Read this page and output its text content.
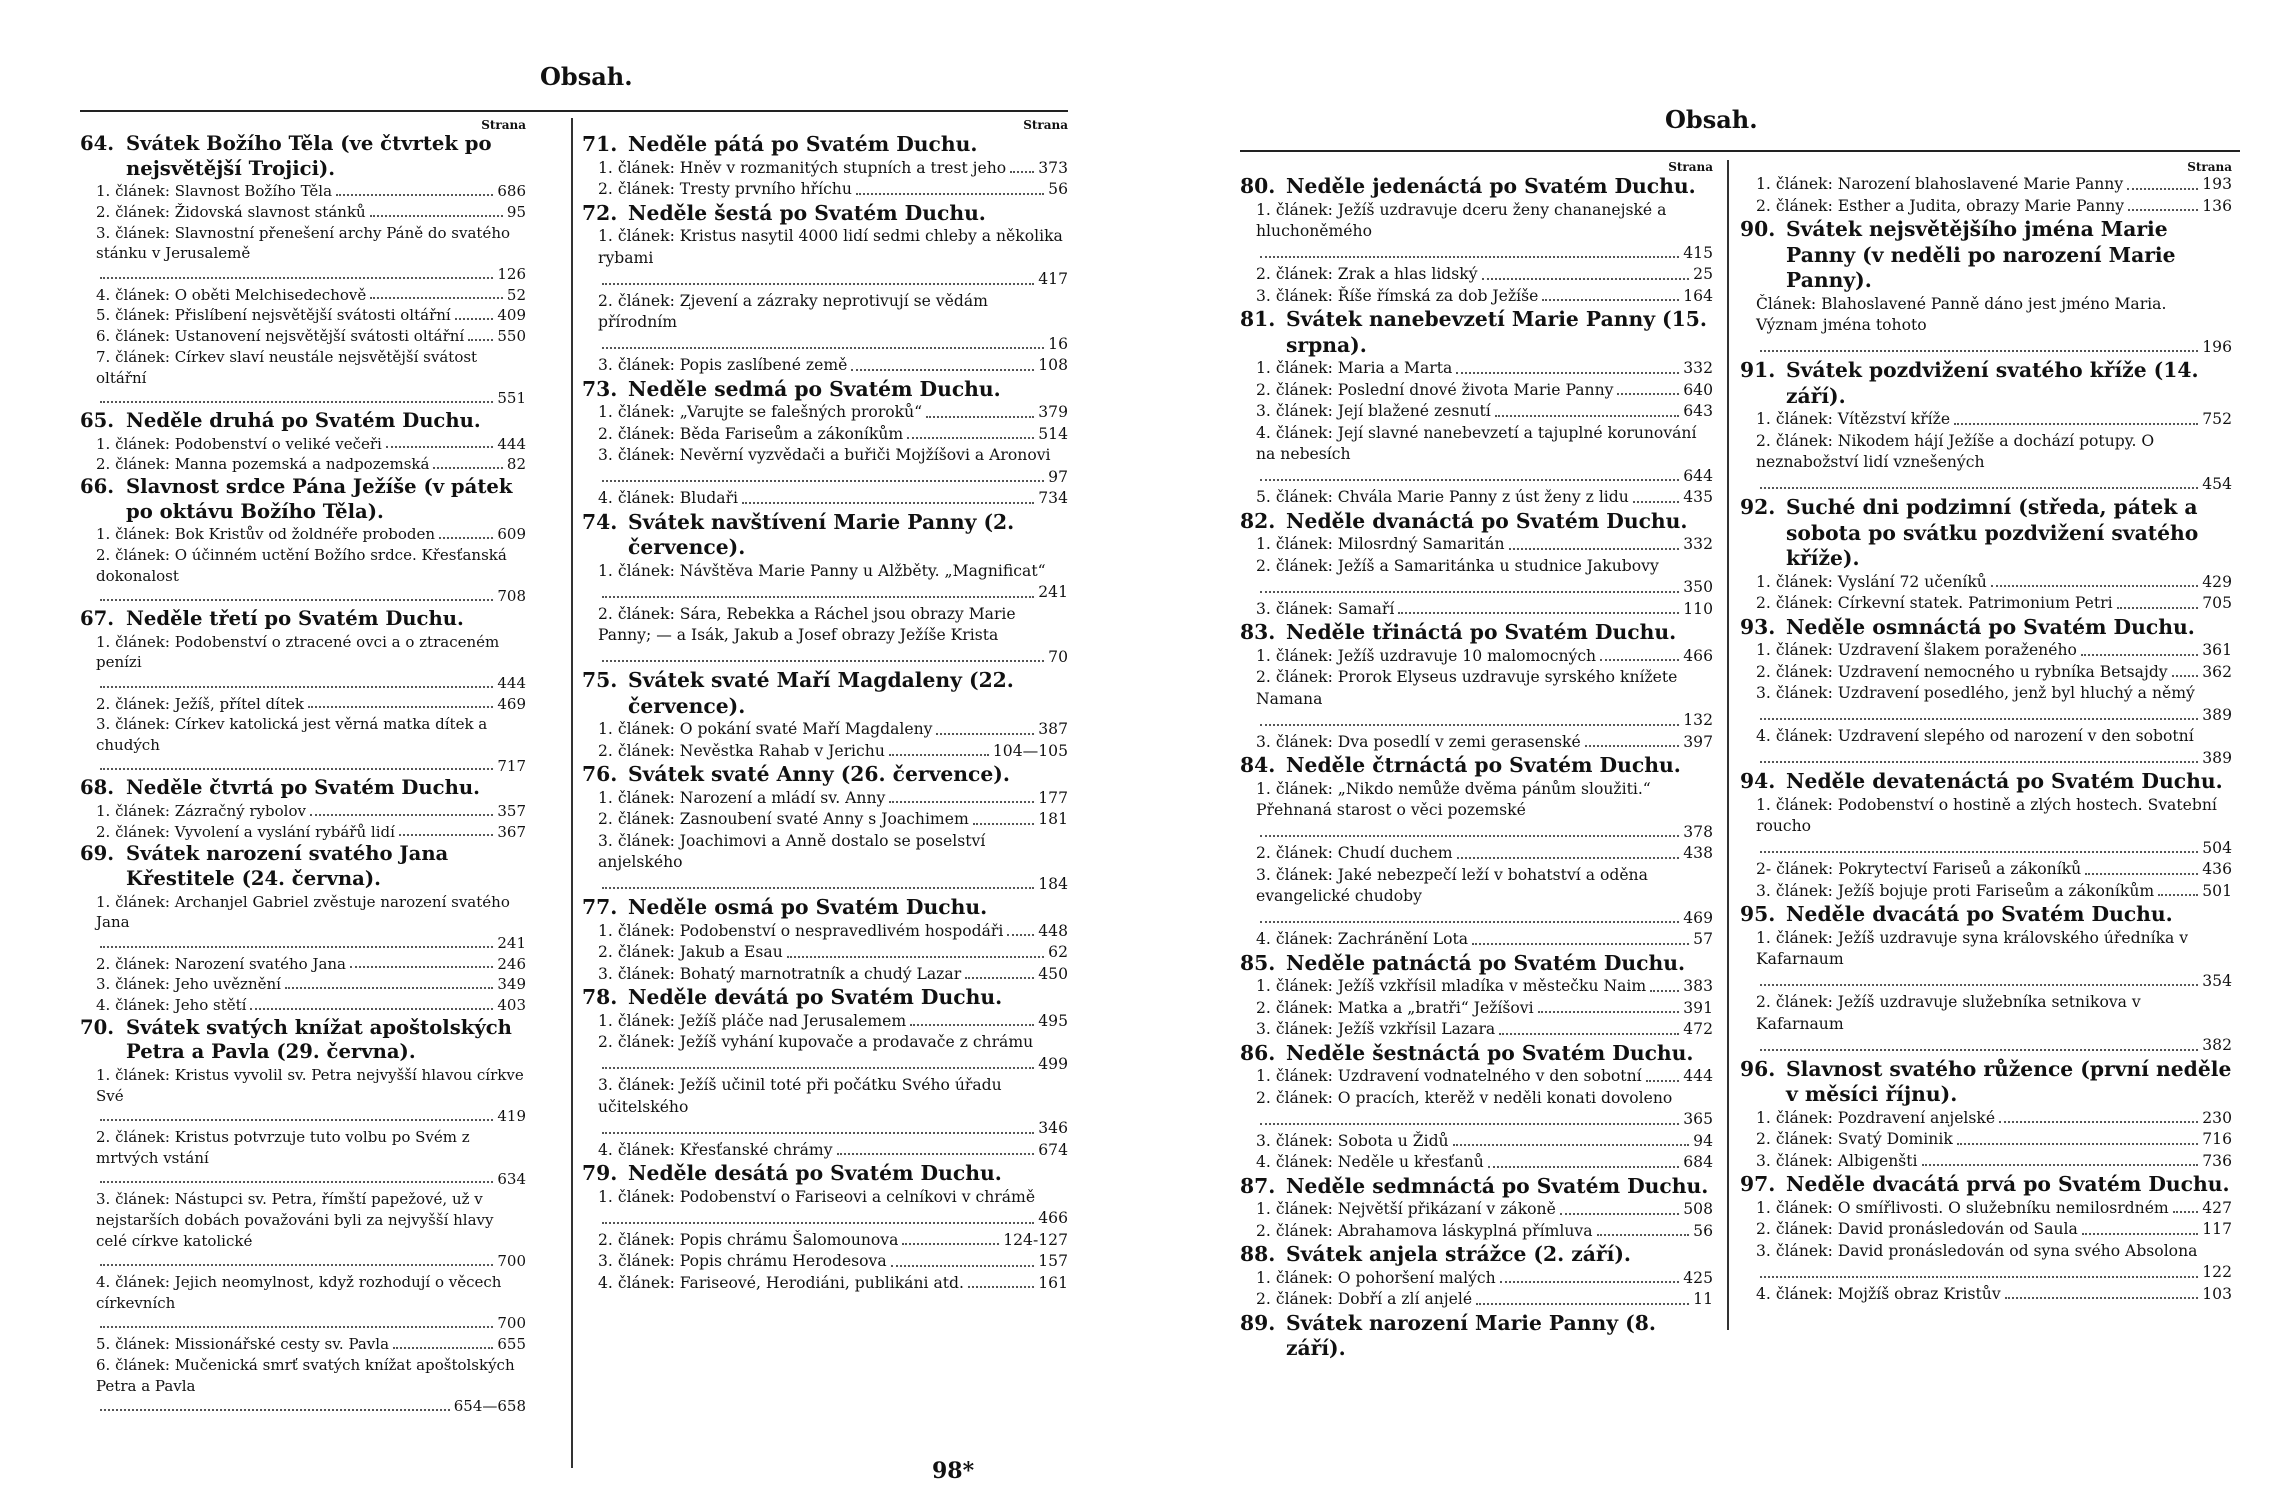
Obsah.
Strana
64. Svátek Božího Těla (ve čtvrtek po nejsvětější Trojici).
1. článek: Slavnost Božího Těla	686
2. článek: Židovská slavnost stánků	95
3. článek: Slavnostní přenešení archy Páně do svatého stánku v Jerusalemě
126
4. článek: O oběti Melchisedechově	52
5. článek: Přislíbení nejsvětější svátosti oltářní	409
6. článek: Ustanovení nejsvětější svátosti oltářní 550
7. článek: Církev slaví neustále nejsvětější svátost oltářní
551
65. Neděle druhá po Svatém Duchu.
1. článek: Podobenství o veliké večeři	444
2. článek: Manna pozemská a nadpozemská	82
66. Slavnost srdce Pána Ježíše (v pátek po oktávu Božího Těla).
1. článek: Bok Kristův od žoldnéře proboden	609
2. článek: O účinném uctění Božího srdce. Křesťanská dokonalost
708
67. Neděle třetí po Svatém Duchu.
1. článek: Podobenství o ztracené ovci a o ztraceném penízi
444
2. článek: Ježíš, přítel dítek	469
3. článek: Církev katolická jest věrná matka dítek a chudých
717
68. Neděle čtvrtá po Svatém Duchu.
1. článek: Zázračný rybolov	357
2. článek: Vyvolení a vyslání rybářů lidí	367
69. Svátek narození svatého Jana Křestitele (24. června).
1. článek: Archanjel Gabriel zvěstuje narození svatého Jana
241
2. článek: Narození svatého Jana	246
3. článek: Jeho uvěznění	349
4. článek: Jeho stětí	403
70. Svátek svatých knížat apoštolských Petra a Pavla (29. června).
1. článek: Kristus vyvolil sv. Petra nejvyšší hlavou církve Své
419
2. článek: Kristus potvrzuje tuto volbu po Svém z mrtvých vstání
634
3. článek: Nástupci sv. Petra, římští papežové, už v nejstarších dobách považováni byli za nejvyšší hlavy celé církve katolické
700
4. článek: Jejich neomylnost, když rozhodují o věcech církevních
700
5. článek: Missionářské cesty sv. Pavla	655
6. článek: Mučenická smrť svatých knížat apoštolských Petra a Pavla
654—658
Strana
71. Neděle pátá po Svatém Duchu.
1. článek: Hněv v rozmanitých stupních a trest jeho 373
2. článek: Tresty prvního hříchu	56
72. Neděle šestá po Svatém Duchu.
1. článek: Kristus nasytil 4000 lidí sedmi chleby a několika rybami
417
2. článek: Zjevení a zázraky neprotivují se vědám přírodním
16
3. článek: Popis zaslíbené země	108
73. Neděle sedmá po Svatém Duchu.
1. článek: „Varujte se falešných proroků“	379
2. článek: Běda Fariseům a zákoníkům	514
3. článek: Nevěrní vyzvědači a buřiči Mojžíšovi a Aronovi
97
4. článek: Bludaři	734
74. Svátek navštívení Marie Panny (2. července).
1. článek: Návštěva Marie Panny u Alžběty. „Magnificat“
241
2. článek: Sára, Rebekka a Ráchel jsou obrazy Marie Panny; — a Isák, Jakub a Josef obrazy Ježíše Krista
70
75. Svátek svaté Maří Magdaleny (22. července).
1. článek: O pokání svaté Maří Magdaleny	387
2. článek: Nevěstka Rahab v Jerichu	104—105
76. Svátek svaté Anny (26. července).
1. článek: Narození a mládí sv. Anny	177
2. článek: Zasnoubení svaté Anny s Joachimem	181
3. článek: Joachimovi a Anně dostalo se poselství anjelského
184
77. Neděle osmá po Svatém Duchu.
1. článek: Podobenství o nespravedlivém hospodáři 448
2. článek: Jakub a Esau	62
3. článek: Bohatý marnotratník a chudý Lazar	450
78. Neděle devátá po Svatém Duchu.
1. článek: Ježíš pláče nad Jerusalemem	495
2. článek: Ježíš vyhání kupovače a prodavače z chrámu
499
3. článek: Ježíš učinil toté při počátku Svého úřadu učitelského
346
4. článek: Křesťanské chrámy	674
79. Neděle desátá po Svatém Duchu.
1. článek: Podobenství o Fariseovi a celníkovi v chrámě
466
2. článek: Popis chrámu Šalomounova	124-127
3. článek: Popis chrámu Herodesova	157
4. článek: Fariseové, Herodiáni, publikáni atd.	161
98*
Obsah.
Strana
80. Neděle jedenáctá po Svatém Duchu.
1. článek: Ježíš uzdravuje dceru ženy chananejské a hluchoněmého
415
2. článek: Zrak a hlas lidský	25
3. článek: Říše římská za dob Ježíše	164
81. Svátek nanebevzetí Marie Panny (15. srpna).
1. článek: Maria a Marta	332
2. článek: Poslední dnové života Marie Panny	640
3. článek: Její blažené zesnutí	643
4. článek: Její slavné nanebevzetí a tajuplné korunování na nebesích
644
5. článek: Chvála Marie Panny z úst ženy z lidu	435
82. Neděle dvanáctá po Svatém Duchu.
1. článek: Milosrdný Samaritán	332
2. článek: Ježíš a Samaritánka u studnice Jakubovy
350
3. článek: Samaří	110
83. Neděle třináctá po Svatém Duchu.
1. článek: Ježíš uzdravuje 10 malomocných	466
2. článek: Prorok Elyseus uzdravuje syrského knížete Namana
132
3. článek: Dva posedlí v zemi gerasenské	397
84. Neděle čtrnáctá po Svatém Duchu.
1. článek: „Nikdo nemůže dvěma pánům sloužiti.“ Přehnaná starost o věci pozemské
378
2. článek: Chudí duchem	438
3. článek: Jaké nebezpečí leží v bohatství a oděna evangelické chudoby
469
4. článek: Zachránění Lota	57
85. Neděle patnáctá po Svatém Duchu.
1. článek: Ježíš vzkřísil mladíka v městečku Naim 383
2. článek: Matka a „bratři“ Ježíšovi	391
3. článek: Ježíš vzkřísil Lazara	472
86. Neděle šestnáctá po Svatém Duchu.
1. článek: Uzdravení vodnatelného v den sobotní	444
2. článek: O pracích, kterěž v neděli konati dovoleno
365
3. článek: Sobota u Židů	94
4. článek: Neděle u křesťanů	684
87. Neděle sedmnáctá po Svatém Duchu.
1. článek: Největší přikázaní v zákoně	508
2. článek: Abrahamova láskyplná přímluva	56
88. Svátek anjela strážce (2. září).
1. článek: O pohoršení malých	425
2. článek: Dobří a zlí anjelé	11
89. Svátek narození Marie Panny (8. září).
Strana
1. článek: Narození blahoslavené Marie Panny	193
2. článek: Esther a Judita, obrazy Marie Panny	136
90. Svátek nejsvětějšího jména Marie Panny (v neděli po narození Marie Panny).
Článek: Blahoslavené Panně dáno jest jméno Maria. Význam jména tohoto
196
91. Svátek pozdvižení svatého kříže (14. září).
1. článek: Vítězství kříže	752
2. článek: Nikodem hájí Ježíše a dochází potupy. O neznabožství lidí vznešených
454
92. Suché dni podzimní (středa, pátek a sobota po svátku pozdvižení svatého kříže).
1. článek: Vyslání 72 učeníků	429
2. článek: Církevní statek. Patrimonium Petri	705
93. Neděle osmnáctá po Svatém Duchu.
1. článek: Uzdravení šlakem poraženého	361
2. článek: Uzdravení nemocného u rybníka Betsajdy 362
3. článek: Uzdravení posedlého, jenž byl hluchý a němý
389
4. článek: Uzdravení slepého od narození v den sobotní
389
94. Neděle devatenáctá po Svatém Duchu.
1. článek: Podobenství o hostině a zlých hostech. Svatební roucho
504
2- článek: Pokrytectví Fariseů a zákoníků	436
3. článek: Ježíš bojuje proti Fariseům a zákoníkům	501
95. Neděle dvacátá po Svatém Duchu.
1. článek: Ježíš uzdravuje syna královského úředníka v Kafarnaum
354
2. článek: Ježíš uzdravuje služebníka setnikova v Kafarnaum
382
96. Slavnost svatého růžence (první neděle v měsíci říjnu).
1. článek: Pozdravení anjelské	230
2. článek: Svatý Dominik	716
3. článek: Albigenšti	736
97. Neděle dvacátá prvá po Svatém Duchu.
1. článek: O smířlivosti. O služebníku nemilosrdném 427
2. článek: David pronásledován od Saula	117
3. článek: David pronásledován od syna svého Absolona
122
4. článek: Mojžíš obraz Kristův	103
